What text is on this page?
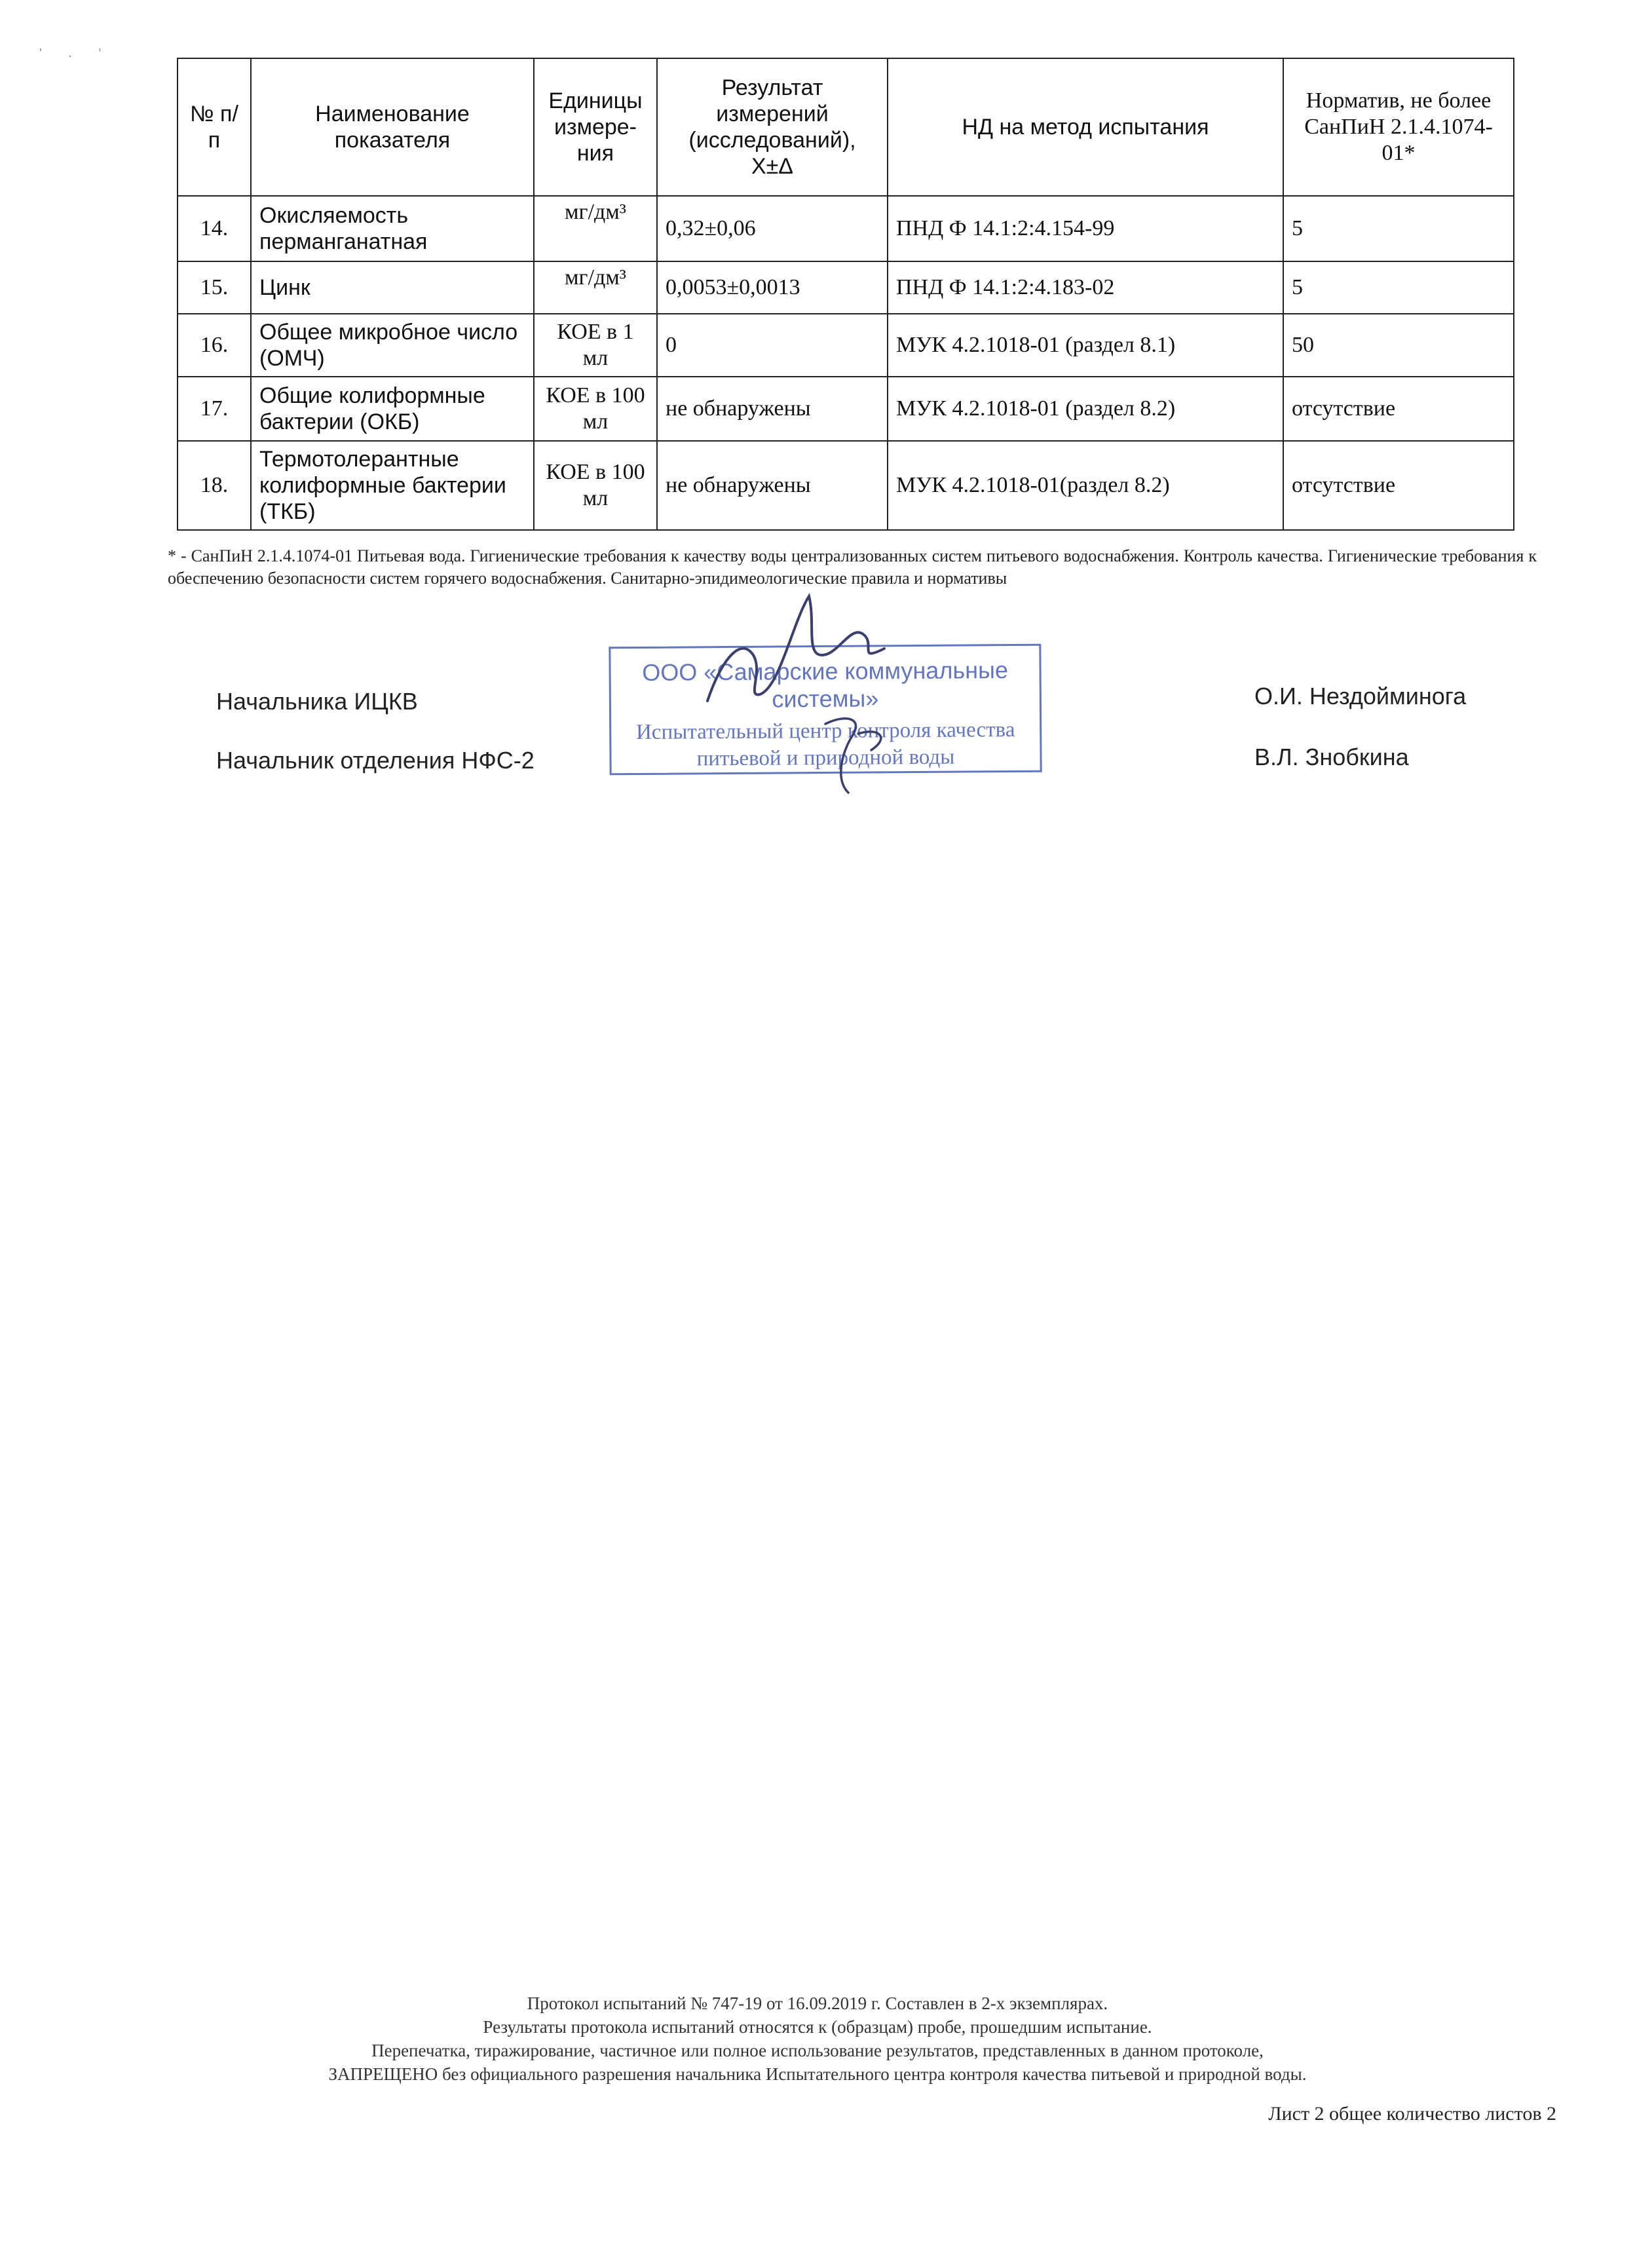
' . '
№ п/п	Наименование показателя	Единицы измере-ния	Результат измерений (исследований), Х±Δ	НД на метод испытания	Норматив, не более СанПиН 2.1.4.1074-01*
14.	Окисляемость перманганатная	мг/дм³	0,32±0,06	ПНД Ф 14.1:2:4.154-99	5
15.	Цинк	мг/дм³	0,0053±0,0013	ПНД Ф 14.1:2:4.183-02	5
16.	Общее микробное число (ОМЧ)	КОЕ в 1 мл	0	МУК 4.2.1018-01 (раздел 8.1)	50
17.	Общие колиформные бактерии (ОКБ)	КОЕ в 100 мл	не обнаружены	МУК 4.2.1018-01 (раздел 8.2)	отсутствие
18.	Термотолерантные колиформные бактерии (ТКБ)	КОЕ в 100 мл	не обнаружены	МУК 4.2.1018-01(раздел 8.2)	отсутствие
* - СанПиН 2.1.4.1074-01 Питьевая вода. Гигиенические требования к качеству воды централизованных систем питьевого водоснабжения. Контроль качества. Гигиенические требования к обеспечению безопасности систем горячего водоснабжения. Санитарно-эпидимеологические правила и нормативы
Начальника ИЦКВ	О.И. Нездойминога
Начальник отделения НФС-2	В.Л. Знобкина
ООО «Самарские коммунальные системы»
Испытательный центр контроля качества
питьевой и природной воды
Протокол испытаний № 747-19 от 16.09.2019 г. Составлен в 2-х экземплярах.
Результаты протокола испытаний относятся к (образцам) пробе, прошедшим испытание.
Перепечатка, тиражирование, частичное или полное использование результатов, представленных в данном протоколе,
ЗАПРЕЩЕНО без официального разрешения начальника Испытательного центра контроля качества питьевой и природной воды.
Лист 2 общее количество листов 2
